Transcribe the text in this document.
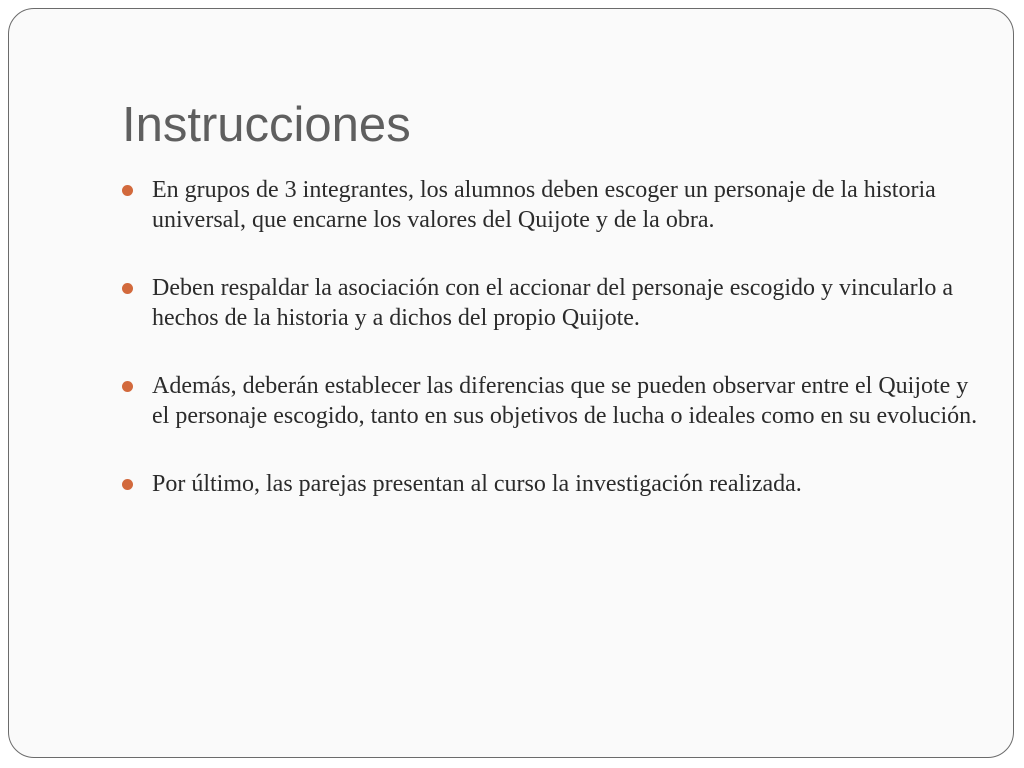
Instrucciones
En grupos de 3 integrantes, los alumnos deben escoger un personaje de la historia universal, que encarne los valores del Quijote y de la obra.
Deben respaldar la asociación con el accionar del personaje escogido y vincularlo a hechos de la historia y a dichos del propio Quijote.
Además, deberán establecer las diferencias que se pueden observar entre el Quijote y el personaje escogido, tanto en sus objetivos de lucha o ideales como en su evolución.
Por último, las parejas presentan al curso la investigación realizada.
